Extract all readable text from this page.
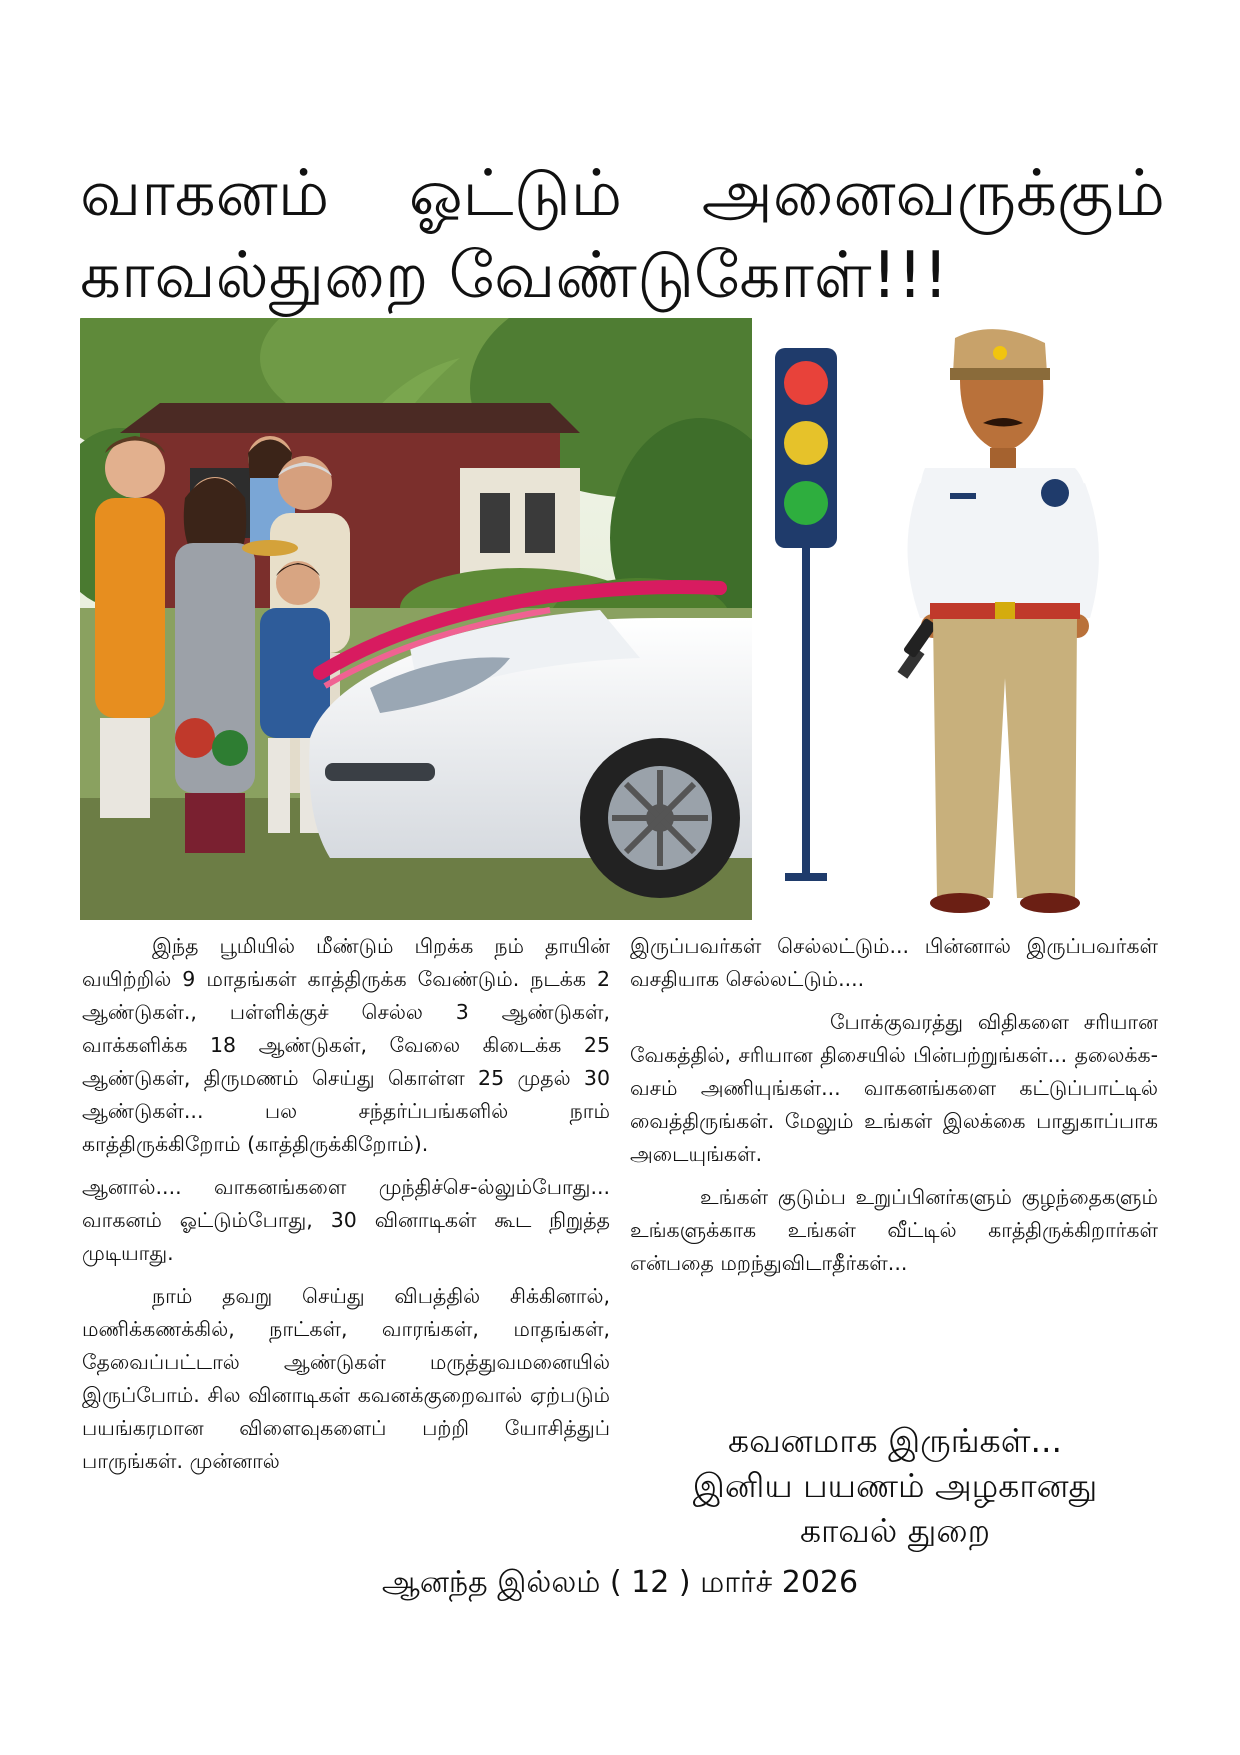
வாகனம் ஓட்டும் அனைவருக்கும்
காவல்துறை வேண்டுகோள்!!!

இந்த பூமியில் மீண்டும் பிறக்க நம் தாயின் வயிற்றில் 9 மாதங்கள் காத்திருக்க வேண்டும். நடக்க 2 ஆண்டுகள்., பள்ளிக்குச் செல்ல 3 ஆண்டுகள், வாக்களிக்க 18 ஆண்டுகள், வேலை கிடைக்க 25 ஆண்டுகள், திருமணம் செய்து கொள்ள 25 முதல் 30 ஆண்டுகள்... பல சந்தர்ப்பங்களில் நாம் காத்திருக்கிறோம் (காத்திருக்கிறோம்).

ஆனால்.... வாகனங்களை முந்திச்செ-ல்லும்போது... வாகனம் ஓட்டும்போது, 30 வினாடிகள் கூட நிறுத்த முடியாது.

நாம் தவறு செய்து விபத்தில் சிக்கினால், மணிக்கணக்கில், நாட்கள், வாரங்கள், மாதங்கள், தேவைப்பட்டால் ஆண்டுகள் மருத்துவமனையில் இருப்போம். சில வினாடிகள் கவனக்குறைவால் ஏற்படும் பயங்கரமான விளைவுகளைப் பற்றி யோசித்துப் பாருங்கள். முன்னால்

இருப்பவர்கள் செல்லட்டும்... பின்னால் இருப்பவர்கள் வசதியாக செல்லட்டும்....

போக்குவரத்து விதிகளை சரியான வேகத்தில், சரியான திசையில் பின்பற்றுங்கள்... தலைக்க-வசம் அணியுங்கள்... வாகனங்களை கட்டுப்பாட்டில் வைத்திருங்கள். மேலும் உங்கள் இலக்கை பாதுகாப்பாக அடையுங்கள்.

உங்கள் குடும்ப உறுப்பினர்களும் குழந்தைகளும் உங்களுக்காக உங்கள் வீட்டில் காத்திருக்கிறார்கள் என்பதை மறந்துவிடாதீர்கள்...

கவனமாக இருங்கள்...
இனிய பயணம் அழகானது
காவல் துறை
ஆனந்த இல்லம் ( 12 ) மார்ச் 2026
